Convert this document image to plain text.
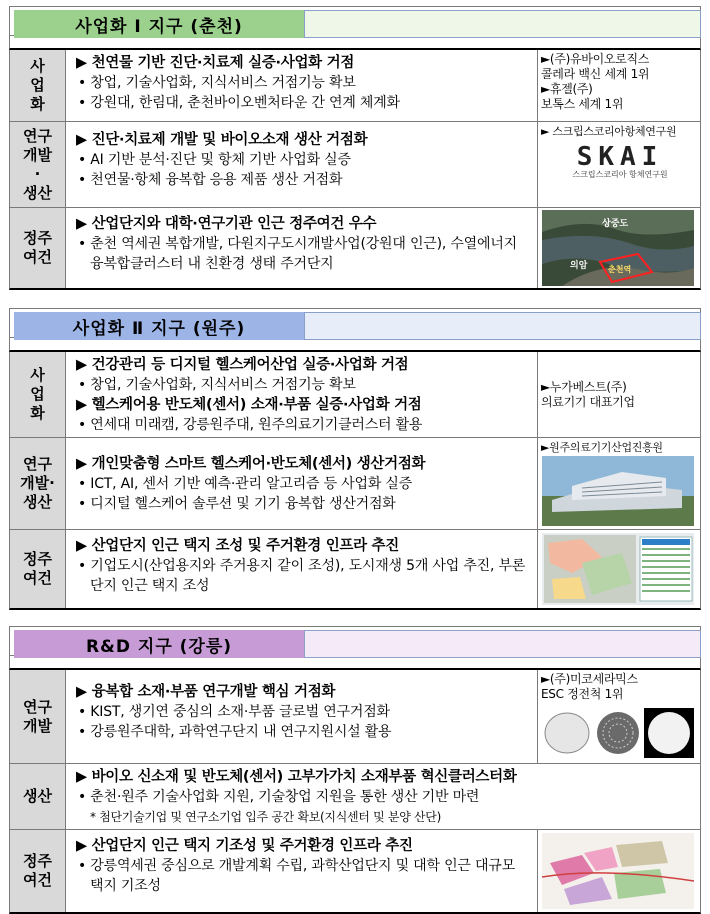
사업화 Ⅰ 지구 (춘천)
사
업
화
▶ 천연물 기반 진단·치료제 실증·사업화 거점
• 창업, 기술사업화, 지식서비스 거점기능 확보
• 강원대, 한림대, 춘천바이오벤처타운 간 연계 체계화
►(주)유바이오로직스
콜레라 백신 세계 1위
►휴젤(주)
보톡스 세계 1위
연구
개발
·
생산
▶ 진단·치료제 개발 및 바이오소재 생산 거점화
• AI 기반 분석·진단 및 항체 기반 사업화 실증
• 천연물·항체 융복합 응용 제품 생산 거점화
► 스크립스코리아항체연구원
SKAI
스크립스코리아 항체연구원
정주
여건
▶ 산업단지와 대학·연구기관 인근 정주여건 우수
• 춘천 역세권 복합개발, 다원지구도시개발사업(강원대 인근), 수열에너지융복합클러스터 내 친환경 생태 주거단지
상중도
의암	춘천역
사업화 Ⅱ 지구 (원주)
사
업
화
▶ 건강관리 등 디지털 헬스케어산업 실증·사업화 거점
• 창업, 기술사업화, 지식서비스 거점기능 확보
▶ 헬스케어용 반도체(센서) 소재·부품 실증·사업화 거점
• 연세대 미래캠, 강릉원주대, 원주의료기기클러스터 활용
►누가베스트(주)
의료기기 대표기업
연구
개발·
생산
▶ 개인맞춤형 스마트 헬스케어·반도체(센서) 생산거점화
• ICT, AI, 센서 기반 예측·관리 알고리즘 등 사업화 실증
• 디지털 헬스케어 솔루션 및 기기 융복합 생산거점화
►원주의료기기산업진흥원
정주
여건
▶ 산업단지 인근 택지 조성 및 주거환경 인프라 추진
• 기업도시(산업용지와 주거용지 같이 조성), 도시재생 5개 사업 추진, 부론 단지 인근 택지 조성
R&D 지구 (강릉)
연구
개발
▶ 융복합 소재·부품 연구개발 핵심 거점화
• KIST, 생기연 중심의 소재·부품 글로벌 연구거점화
• 강릉원주대학, 과학연구단지 내 연구지원시설 활용
►(주)미코세라믹스
ESC 정전척 1위
생산
▶ 바이오 신소재 및 반도체(센서) 고부가가치 소재부품 혁신클러스터화
• 춘천·원주 기술사업화 지원, 기술창업 지원을 통한 생산 기반 마련
* 첨단기술기업 및 연구소기업 입주 공간 확보(지식센터 및 분양 산단)
정주
여건
▶ 산업단지 인근 택지 기조성 및 주거환경 인프라 추진
• 강릉역세권 중심으로 개발계획 수립, 과학산업단지 및 대학 인근 대규모 택지 기조성
